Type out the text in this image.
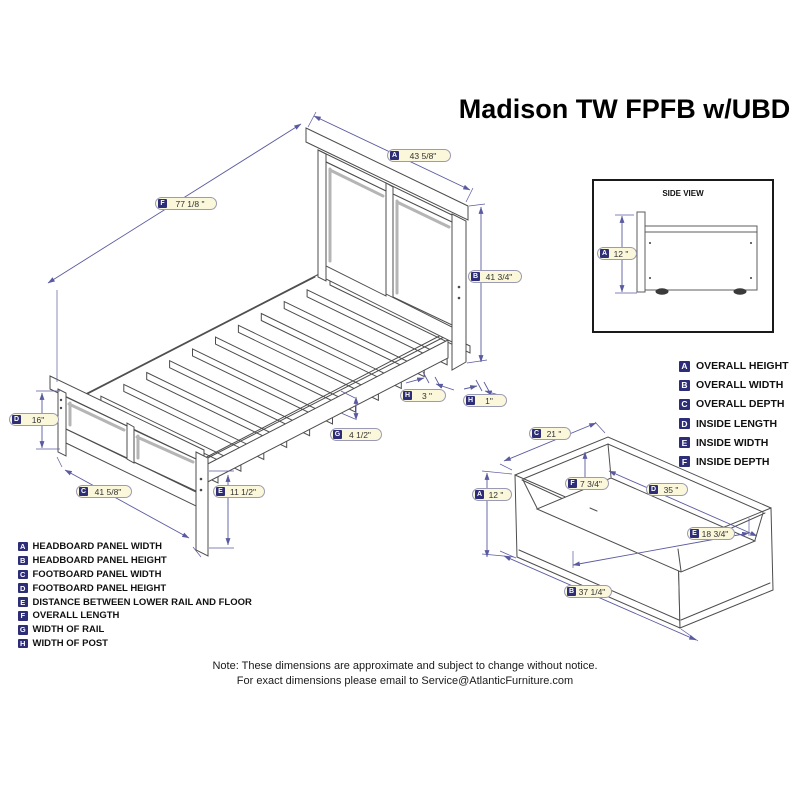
SIDE VIEW
Madison TW FPFB w/UBD
A OVERALL HEIGHT
B OVERALL WIDTH
C OVERALL DEPTH
D INSIDE LENGTH
E INSIDE WIDTH
F INSIDE DEPTH
A HEADBOARD PANEL WIDTH
B HEADBOARD PANEL HEIGHT
C FOOTBOARD PANEL WIDTH
D FOOTBOARD PANEL HEIGHT
E DISTANCE BETWEEN LOWER RAIL AND FLOOR
F OVERALL LENGTH
G WIDTH OF RAIL
H WIDTH OF POST
A	43 5/8"
F	77 1/8 "
B 41 3/4"
H	3 "	H	1"
G	4 1/2"
D	16"
C	41 5/8"	E 11 1/2"
C 21 "
A 12 "
F 7 3/4"
D 35 "
E 18 3/4"
B 37 1/4"
A 12 "
Note: These dimensions are approximate and subject to change without notice.
For exact dimensions please email to Service@AtlanticFurniture.com
